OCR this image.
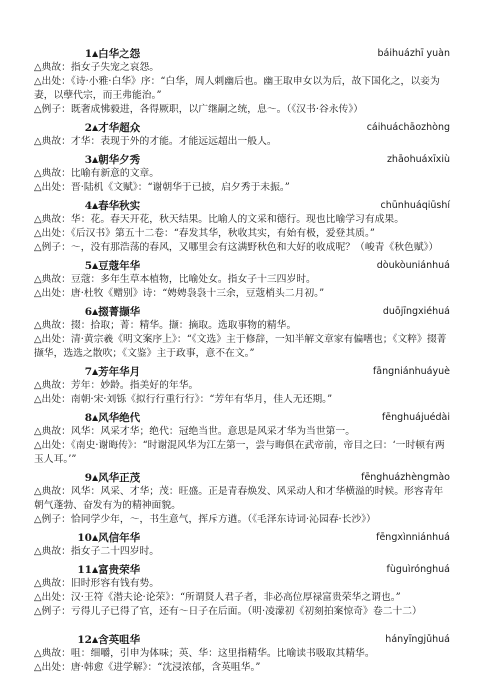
1▲白华之怨	báihuázhī yuàn

△典故：指女子失宠之哀怨。

△出处：《诗·小雅·白华》序：“白华，周人刺幽后也。幽王取申女以为后，故下国化之，以妾为妻，以孽代宗，而王弗能治。”

△例子：既奢成怫毅进，各得厥职，以广继嗣之统，息～。（《汉书·谷永传》）

2▲才华超众	cáihuáchāozhòng

△典故：才华：表现于外的才能。才能远远超出一般人。

3▲朝华夕秀	zhāohuáxīxiù

△典故：比喻有新意的文章。

△出处：晋·陆机《文赋》：“谢朝华于已披，启夕秀于未振。”

4▲春华秋实	chūnhuáqiūshí

△典故：华：花。春天开花，秋天结果。比喻人的文采和德行。现也比喻学习有成果。

△出处：《后汉书》第五十二卷：“春发其华，秋收其实，有始有极，爱登其质。”

△例子：～，没有那浩荡的春风，又哪里会有这满野秋色和大好的收成呢？（峻青《秋色赋》）

5▲豆蔻年华	dòukòuniánhuá

△典故：豆蔻：多年生草本植物，比喻处女。指女子十三四岁时。

△出处：唐·杜牧《赠别》诗：“娉娉袅袅十三余，豆蔻梢头二月初。”

6▲掇菁撷华	duōjīngxiéhuá

△典故：掇：拾取；菁：精华。撷：摘取。选取事物的精华。

△出处：清·黄宗羲《明文案序上》：“《文选》主于修辞，一知半解文章家有偏嗜也；《文粹》掇菁撷华，选选之散吹；《文鉴》主于政事，意不在文。”

7▲芳年华月	fāngniánhuáyuè

△典故：芳年：妙龄。指美好的年华。

△出处：南朝·宋·刘铄《拟行行重行行》：“芳年有华月，佳人无还期。”

8▲风华绝代	fēnghuájuédài

△典故：风华：风采才华；绝代：冠绝当世。意思是风采才华为当世第一。

△出处：《南史·谢晦传》：“时谢混风华为江左第一，尝与晦俱在武帝前，帝目之曰：‘一时顿有两玉人耳。’”

9▲风华正茂	fēnghuázhèngmào

△典故：风华：风采、才华；茂：旺盛。正是青春焕发、风采动人和才华横溢的时候。形容青年朝气蓬勃、奋发有为的精神面貌。

△例子：恰同学少年，～，书生意气，挥斥方遒。（《毛泽东诗词·沁园春·长沙》）

10▲风信年华	fēngxìnniánhuá

△典故：指女子二十四岁时。

11▲富贵荣华	fùguìrónghuá

△典故：旧时形容有钱有势。

△出处：汉·王符《潜夫论·论荣》：“所谓贤人君子者，非必高位厚禄富贵荣华之谓也。”

△例子：亏得儿子已得了官，还有～日子在后面。（明·凌濛初《初刻拍案惊奇》卷二十二）

12▲含英咀华	hányīngjǔhuá

△典故：咀：细嚼，引申为体味；英、华：这里指精华。比喻读书吸取其精华。

△出处：唐·韩愈《进学解》：“沈浸浓郁，含英咀华。”
